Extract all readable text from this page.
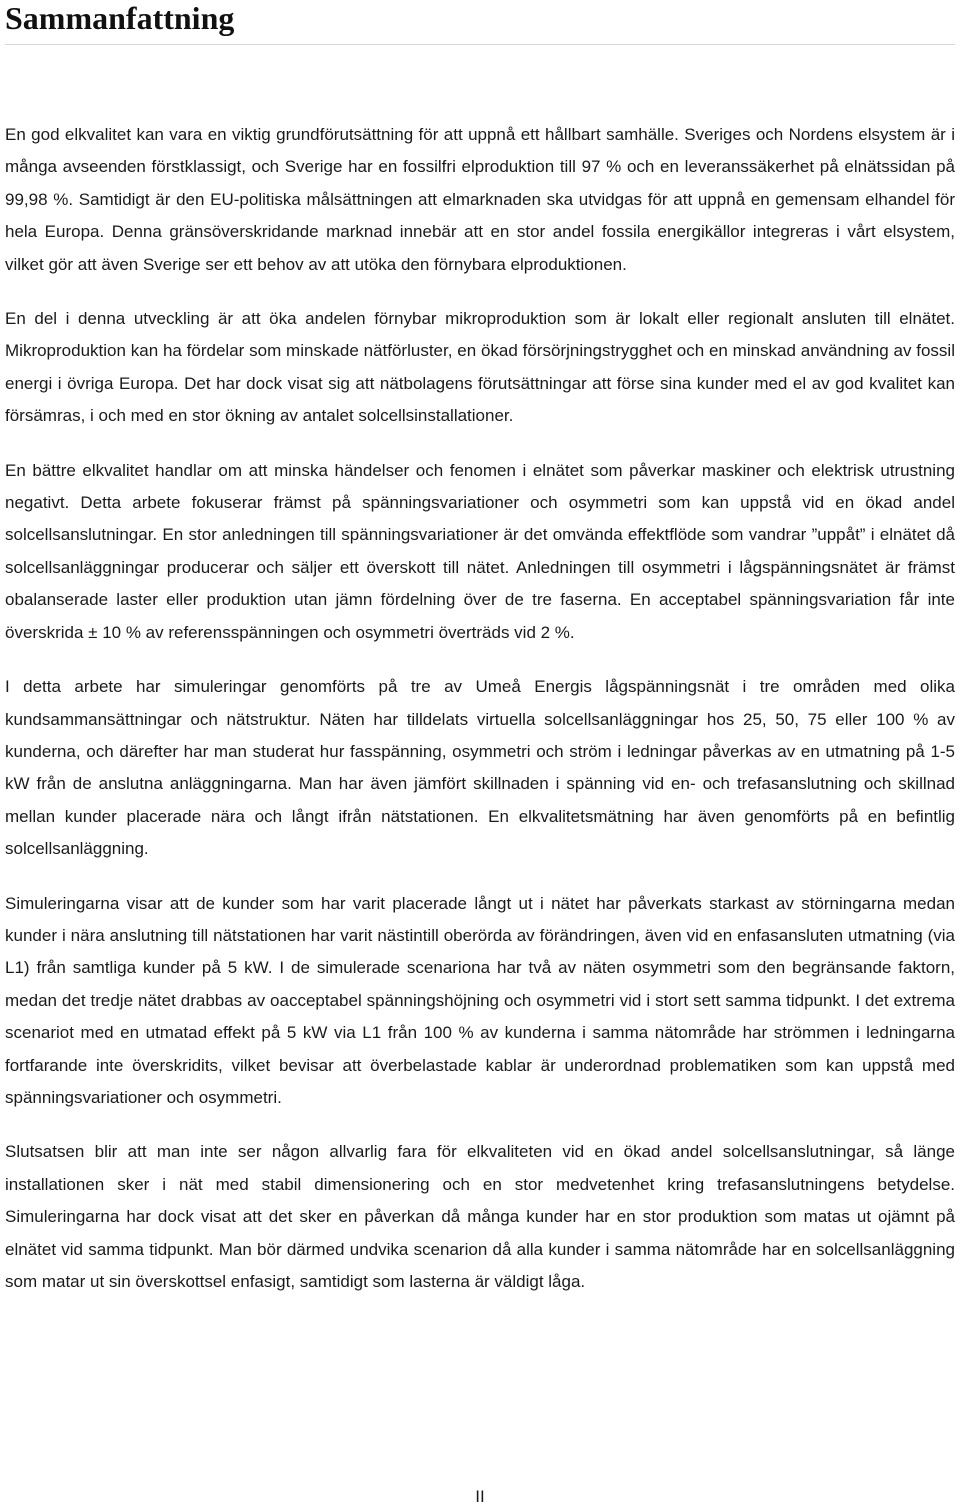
Sammanfattning

En god elkvalitet kan vara en viktig grundförutsättning för att uppnå ett hållbart samhälle. Sveriges och Nordens elsystem är i många avseenden förstklassigt, och Sverige har en fossilfri elproduktion till 97 % och en leveranssäkerhet på elnätssidan på 99,98 %. Samtidigt är den EU-politiska målsättningen att elmarknaden ska utvidgas för att uppnå en gemensam elhandel för hela Europa. Denna gränsöverskridande marknad innebär att en stor andel fossila energikällor integreras i vårt elsystem, vilket gör att även Sverige ser ett behov av att utöka den förnybara elproduktionen.

En del i denna utveckling är att öka andelen förnybar mikroproduktion som är lokalt eller regionalt ansluten till elnätet. Mikroproduktion kan ha fördelar som minskade nätförluster, en ökad försörjningstrygghet och en minskad användning av fossil energi i övriga Europa. Det har dock visat sig att nätbolagens förutsättningar att förse sina kunder med el av god kvalitet kan försämras, i och med en stor ökning av antalet solcellsinstallationer.

En bättre elkvalitet handlar om att minska händelser och fenomen i elnätet som påverkar maskiner och elektrisk utrustning negativt. Detta arbete fokuserar främst på spänningsvariationer och osymmetri som kan uppstå vid en ökad andel solcellsanslutningar. En stor anledningen till spänningsvariationer är det omvända effektflöde som vandrar ”uppåt” i elnätet då solcellsanläggningar producerar och säljer ett överskott till nätet. Anledningen till osymmetri i lågspänningsnätet är främst obalanserade laster eller produktion utan jämn fördelning över de tre faserna. En acceptabel spänningsvariation får inte överskrida ± 10 % av referensspänningen och osymmetri överträds vid 2 %.

I detta arbete har simuleringar genomförts på tre av Umeå Energis lågspänningsnät i tre områden med olika kundsammansättningar och nätstruktur. Näten har tilldelats virtuella solcellsanläggningar hos 25, 50, 75 eller 100 % av kunderna, och därefter har man studerat hur fasspänning, osymmetri och ström i ledningar påverkas av en utmatning på 1-5 kW från de anslutna anläggningarna. Man har även jämfört skillnaden i spänning vid en- och trefasanslutning och skillnad mellan kunder placerade nära och långt ifrån nätstationen. En elkvalitetsmätning har även genomförts på en befintlig solcellsanläggning.

Simuleringarna visar att de kunder som har varit placerade långt ut i nätet har påverkats starkast av störningarna medan kunder i nära anslutning till nätstationen har varit nästintill oberörda av förändringen, även vid en enfasansluten utmatning (via L1) från samtliga kunder på 5 kW. I de simulerade scenariona har två av näten osymmetri som den begränsande faktorn, medan det tredje nätet drabbas av oacceptabel spänningshöjning och osymmetri vid i stort sett samma tidpunkt. I det extrema scenariot med en utmatad effekt på 5 kW via L1 från 100 % av kunderna i samma nätområde har strömmen i ledningarna fortfarande inte överskridits, vilket bevisar att överbelastade kablar är underordnad problematiken som kan uppstå med spänningsvariationer och osymmetri.

Slutsatsen blir att man inte ser någon allvarlig fara för elkvaliteten vid en ökad andel solcellsanslutningar, så länge installationen sker i nät med stabil dimensionering och en stor medvetenhet kring trefasanslutningens betydelse. Simuleringarna har dock visat att det sker en påverkan då många kunder har en stor produktion som matas ut ojämnt på elnätet vid samma tidpunkt. Man bör därmed undvika scenarion då alla kunder i samma nätområde har en solcellsanläggning som matar ut sin överskottsel enfasigt, samtidigt som lasterna är väldigt låga.

II
